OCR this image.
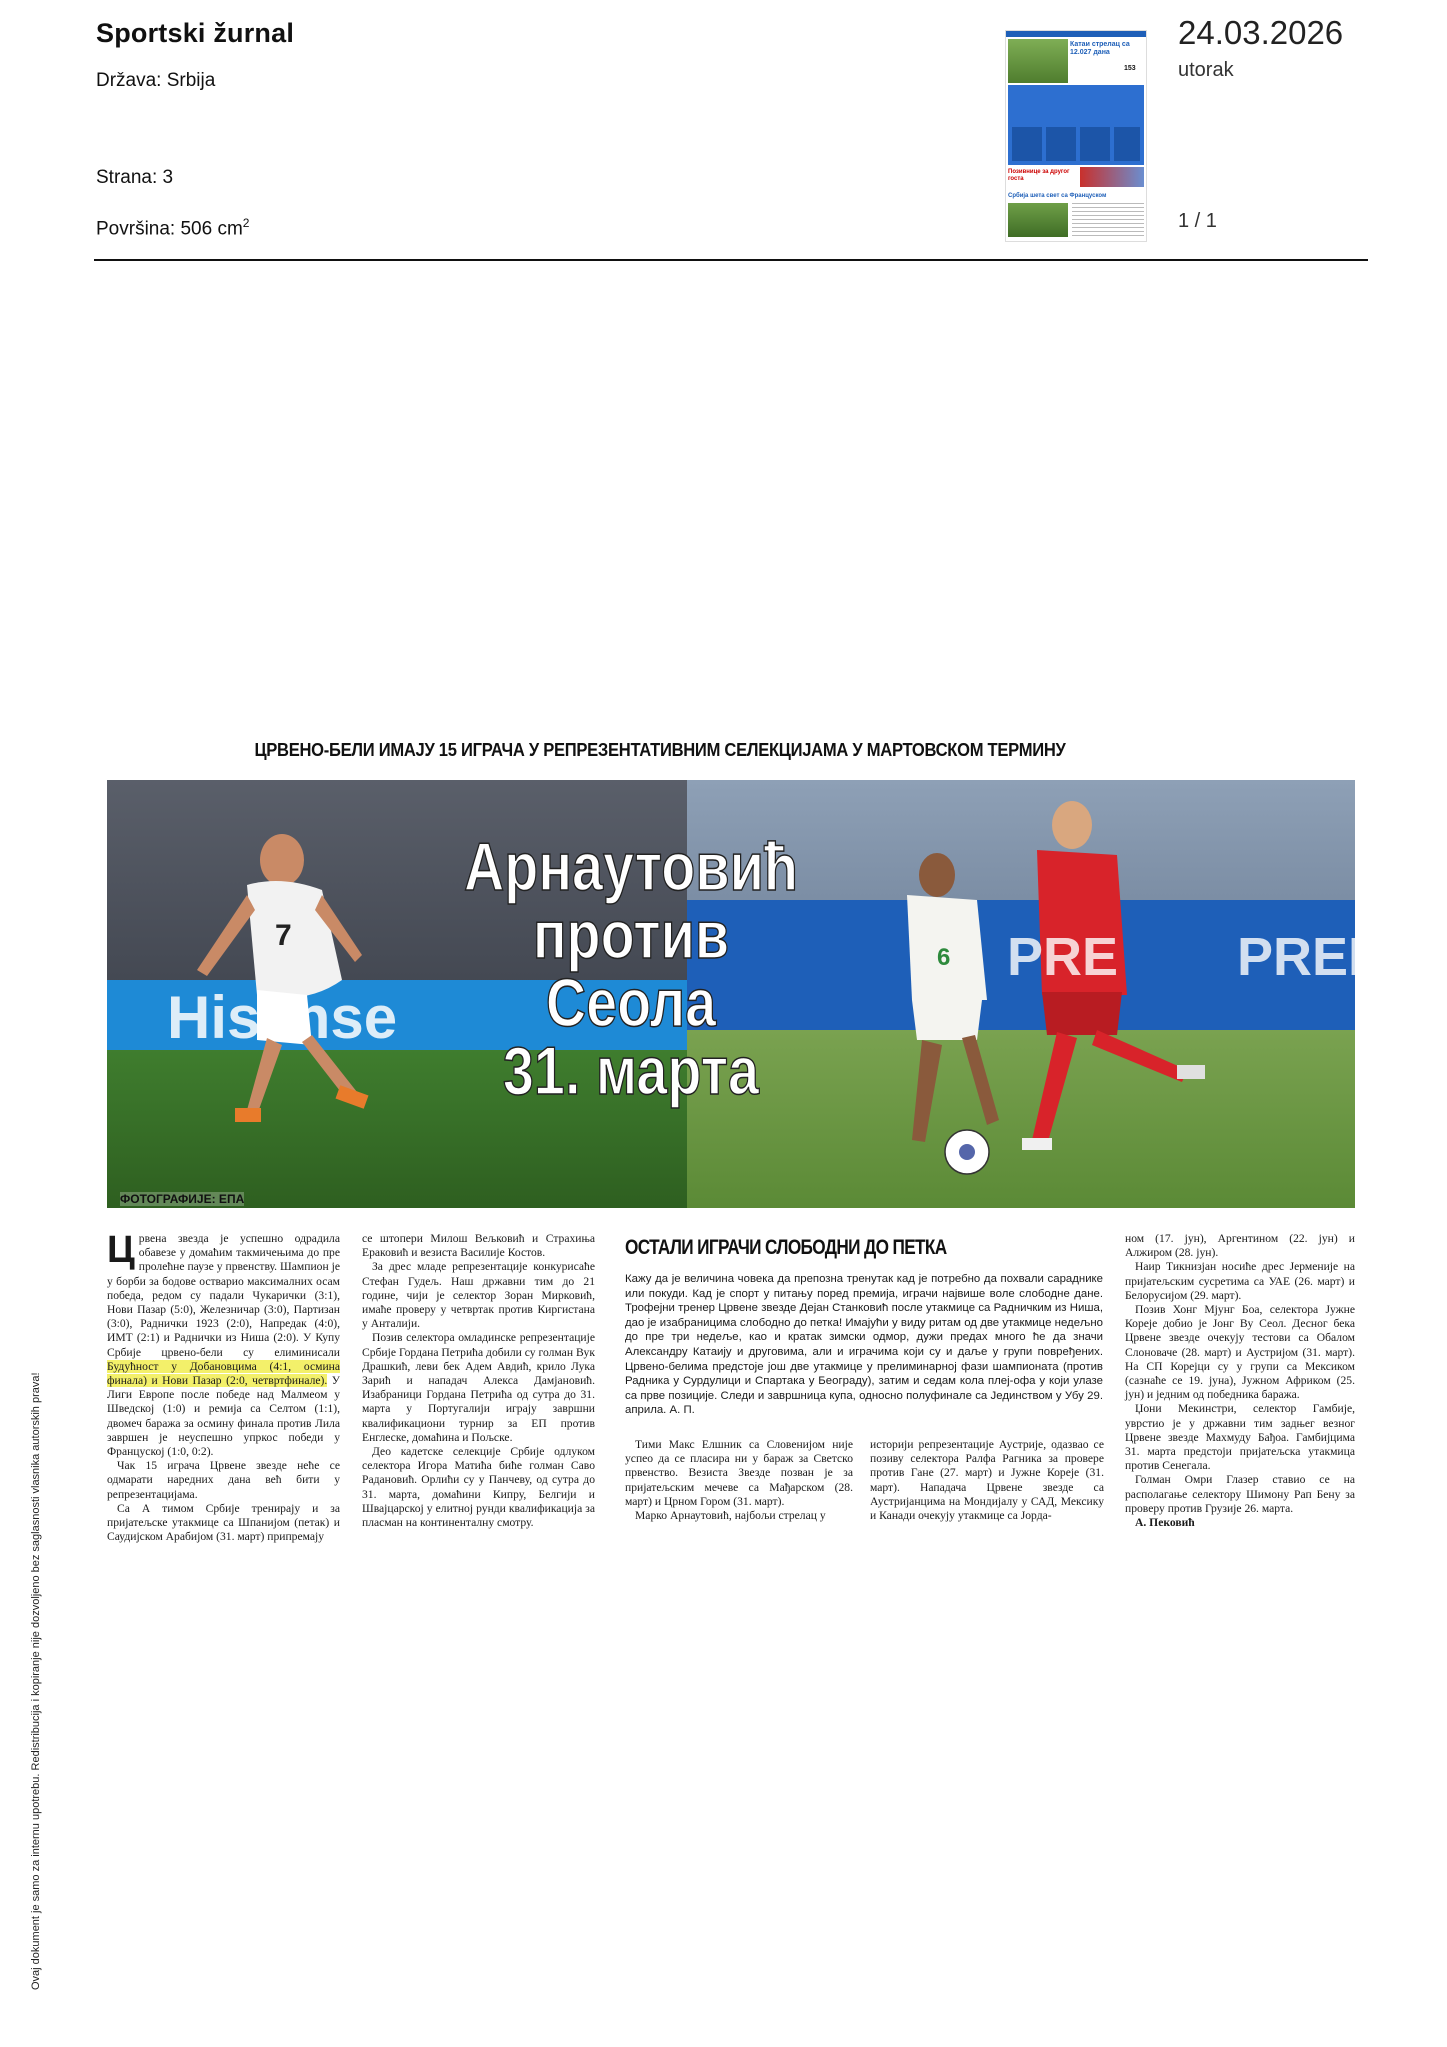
Sportski žurnal
Država: Srbija
Strana: 3
Površina: 506 $cm^2$
24.03.2026
utorak
1 / 1
Катаи стрелац са 12.027 дана
153
Позивнице за другог госта
Србија шета свет са Француском
Ovaj dokument je samo za internu upotrebu. Redistribucija i kopiranje nije dozvoljeno bez saglasnosti vlasnika autorskih prava!
ЦРВЕНО-БЕЛИ ИМАЈУ 15 ИГРАЧА У РЕПРЕЗЕНТАТИВНИМ СЕЛЕКЦИЈАМА У МАРТОВСКОМ ТЕРМИНУ
7
Арнаутовић
против
Сеола
31. марта
6
Hisense
PRE PRED
ФОТОГРАФИЈЕ: ЕПА

Црвена звезда је успешно одрадила обавезе у домаћим такмичењима до пре пролећне паузе у првенству. Шампион је у борби за бодове остварио максималних осам победа, редом су падали Чукарички (3:1), Нови Пазар (5:0), Железничар (3:0), Партизан (3:0), Раднички 1923 (2:0), Напредак (4:0), ИМТ (2:1) и Раднички из Ниша (2:0). У Купу Србије црвено-бели су елиминисали Будућност у Добановцима (4:1, осмина финала) и Нови Пазар (2:0, четвртфинале). У Лиги Европе после победе над Малмеом у Шведској (1:0) и ремија са Селтом (1:1), двомеч баража за осмину финала против Лила завршен је неуспешно упркос победи у Француској (1:0, 0:2).

Чак 15 играча Црвене звезде неће се одмарати наредних дана већ бити у репрезентацијама.

Са А тимом Србије тренираjу и за пријатељске утакмице са Шпанијом (петак) и Саудијском Арабијом (31. март) припремају

се штопери Милош Вељковић и Страхиња Ераковић и везиста Василије Костов.

За дрес младе репрезентације конкурисаће Стефан Гудељ. Наш државни тим до 21 године, чији је селектор Зоран Мирковић, имаће проверу у четвртак против Киргистана у Анталији.

Позив селектора омладинске репрезентације Србије Гордана Петрића добили су голман Вук Драшкић, леви бек Адем Авдић, крило Лука Зарић и нападач Алекса Дамјановић. Изабраници Гордана Петрића од сутра до 31. марта у Португалији играју завршни квалификациони турнир за ЕП против Енглеске, домаћина и Пољске.

Део кадетске селекције Србије одлуком селектора Игора Матића биће голман Саво Радановић. Орлићи су у Панчеву, од сутра до 31. марта, домаћини Кипру, Белгији и Швајцарској у елитној рунди квалификација за пласман на континенталну смотру.

ОСТАЛИ ИГРАЧИ СЛОБОДНИ ДО ПЕТКА
Кажу да је величина човека да препозна тренутак кад је потребно да похвали сараднике или покуди. Кад је спорт у питању поред премија, играчи највише воле слободне дане. Трофејни тренер Црвене звезде Дејан Станковић после утакмице са Радничким из Ниша, дао је изабраницима слободно до петка! Имајући у виду ритам од две утакмице недељно до пре три недеље, као и кратак зимски одмор, дужи предах много ће да значи Александру Катаију и друговима, али и играчима који су и даље у групи повређених. Црвено-белима предстоје још две утакмице у прелиминарној фази шампионата (против Радника у Сурдулици и Спартака у Београду), затим и седам кола плеј-офа у који улазе са прве позиције. Следи и завршница купа, односно полуфинале са Јединством у Убу 29. априла. А. П.

Тими Макс Елшник са Словенијом није успео да се пласира ни у бараж за Светско првенство. Везиста Звезде позван је за пријатељским мечеве са Мађарском (28. март) и Црном Гором (31. март).

Марко Арнаутовић, најбољи стрелац у

историји репрезентације Аустрије, одазвао се позиву селектора Ралфа Рагника за провере против Гане (27. март) и Јужне Кореје (31. март). Нападача Црвене звезде са Аустријанцима на Мондијалу у САД, Мексику и Канади очекују утакмице са Јорда-

ном (17. јун), Аргентином (22. јун) и Алжиром (28. јун).

Наир Тикнизјан носиће дрес Јерменије на пријатељским сусретима са УАЕ (26. март) и Белорусијом (29. март).

Позив Хонг Мјунг Боа, селектора Јужне Кореје добио је Јонг Ву Сеол. Десног бека Црвене звезде очекују тестови са Обалом Слоноваче (28. март) и Аустријом (31. март). На СП Кореjци су у групи са Мексиком (сазнаће се 19. јуна), Јужном Африком (25. јун) и једним од победника бaража.

Џони Мекинстри, селектор Гамбије, уврстио је у државни тим задњег везног Црвене звезде Махмуду Бађоа. Гамбијцима 31. марта предстоји пријатељска утакмица против Сенегала.

Голман Омри Глазер ставио се на располагање селектору Шимону Рап Бену за проверу против Грузије 26. марта.

А. Пековић
